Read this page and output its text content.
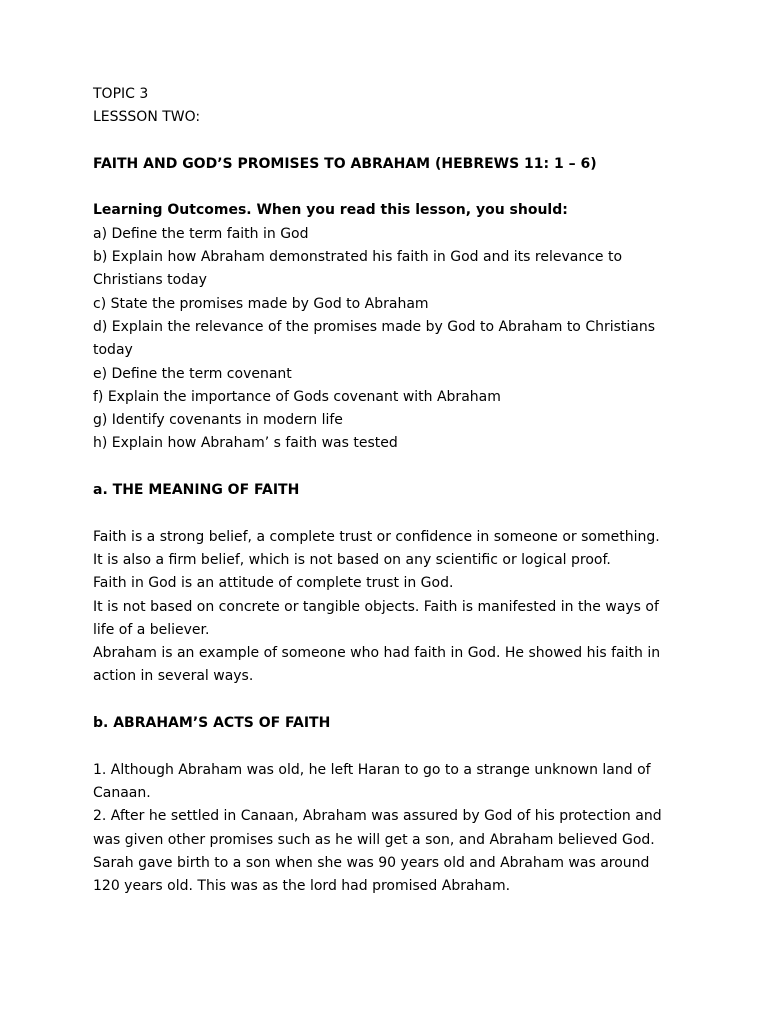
TOPIC 3
LESSSON TWO:
FAITH AND GOD’S PROMISES TO ABRAHAM (HEBREWS 11: 1 – 6)
Learning Outcomes. When you read this lesson, you should:
a) Define the term faith in God
b) Explain how Abraham demonstrated his faith in God and its relevance to
Christians today
c) State the promises made by God to Abraham
d) Explain the relevance of the promises made by God to Abraham to Christians
today
e) Define the term covenant
f) Explain the importance of Gods covenant with Abraham
g) Identify covenants in modern life
h) Explain how Abraham’ s faith was tested
a. THE MEANING OF FAITH
Faith is a strong belief, a complete trust or confidence in someone or something.
It is also a firm belief, which is not based on any scientific or logical proof.
Faith in God is an attitude of complete trust in God.
It is not based on concrete or tangible objects. Faith is manifested in the ways of
life of a believer.
Abraham is an example of someone who had faith in God. He showed his faith in
action in several ways.
b. ABRAHAM’S ACTS OF FAITH
1. Although Abraham was old, he left Haran to go to a strange unknown land of
Canaan.
2. After he settled in Canaan, Abraham was assured by God of his protection and
was given other promises such as he will get a son, and Abraham believed God.
Sarah gave birth to a son when she was 90 years old and Abraham was around
120 years old. This was as the lord had promised Abraham.
